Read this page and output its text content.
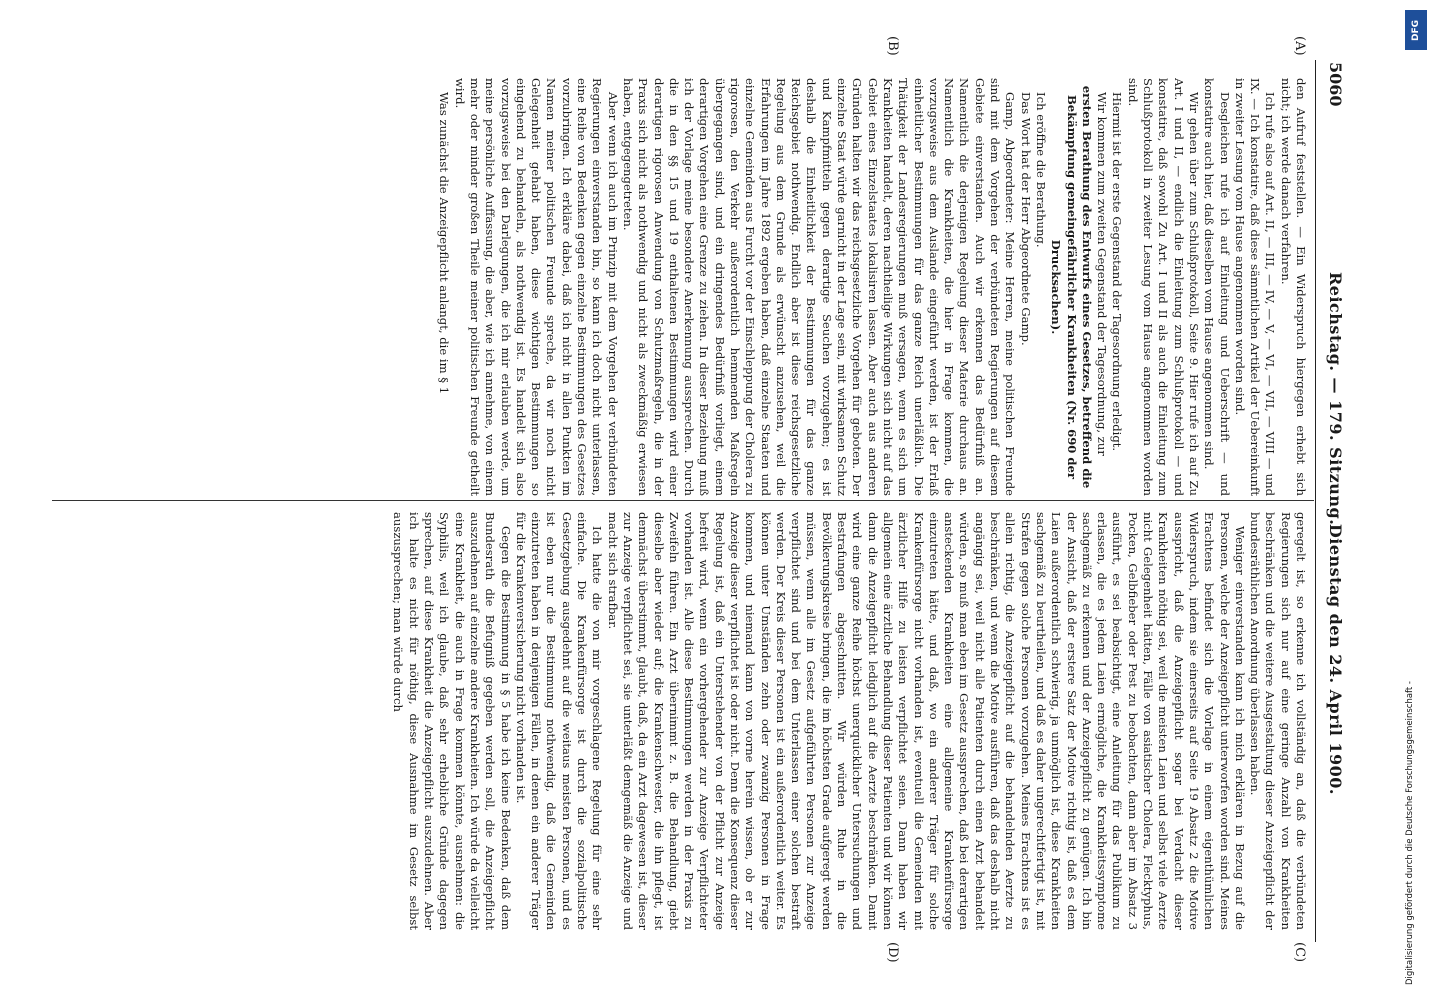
5060
Reichstag. — 179. Sitzung.
Dienstag den 24. April 1900.
(A)
(B)
(C)
(D)

den Aufruf feststellen. — Ein Widerspruch hiergegen erhebt sich nicht; ich werde danach verfahren.

Ich rufe also auf Art. II, — III, — IV, — V, — VI, — VII, — VIII — und IX. — Ich konstatire, daß diese sämmtlichen Artikel der Uebereinkunft in zweiter Lesung vom Hause angenommen worden sind.

Desgleichen rufe ich auf Einleitung und Ueberschrift — und konstatire auch hier, daß dieselben vom Hause angenommen sind.

Wir gehen über zum Schlußprotokoll, Seite 9. Hier rufe ich auf Zu Art. I und II, — endlich die Einleitung zum Schlußprotokoll — und konstatire, daß sowohl Zu Art. I und II als auch die Einleitung zum Schlußprotokoll in zweiter Lesung vom Hause angenommen worden sind.

Hiermit ist der erste Gegenstand der Tagesordnung erledigt.

Wir kommen zum zweiten Gegenstand der Tagesordnung, zur

ersten Berathung des Entwurfs eines Gesetzes, betreffend die Bekämpfung gemeingefährlicher Krankheiten (Nr. 690 der Drucksachen).

Ich eröffne die Berathung.

Das Wort hat der Herr Abgeordnete Gamp.

Gamp, Abgeordneter: Meine Herren, meine politischen Freunde sind mit dem Vorgehen der verbündeten Regierungen auf diesem Gebiete einverstanden. Auch wir erkennen das Bedürfniß an. Namentlich die derjenigen Regelung dieser Materie durchaus an. Namentlich die Krankheiten, die hier in Frage kommen, die vorzugsweise aus dem Auslande eingeführt werden, ist der Erlaß einheitlicher Bestimmungen für das ganze Reich unerläßlich. Die Thätigkeit der Landesregierungen muß versagen, wenn es sich um Krankheiten handelt, deren nachtheilige Wirkungen sich nicht auf das Gebiet eines Einzelstaates lokalisiren lassen. Aber auch aus anderen Gründen halten wir das reichsgesetzliche Vorgehen für geboten. Der einzelne Staat würde garnicht in der Lage sein, mit wirksamen Schutz und Kampfmitteln gegen derartige Seuchen vorzugehen; es ist deshalb die Einheitlichkeit der Bestimmungen für das ganze Reichsgebiet nothwendig. Endlich aber ist diese reichsgesetzliche Regelung aus dem Grunde als erwünscht anzusehen, weil die Erfahrungen im Jahre 1892 ergeben haben, daß einzelne Staaten und einzelne Gemeinden aus Furcht vor der Einschleppung der Cholera zu rigorosen, den Verkehr außerordentlich hemmenden Maßregeln übergegangen sind, und ein dringendes Bedürfniß vorliegt, einem derartigen Vorgehen eine Grenze zu ziehen. In dieser Beziehung muß ich der Vorlage meine besondere Anerkennung aussprechen. Durch die in den §§ 15 und 19 enthaltenen Bestimmungen wird einer derartigen rigorosen Anwendung von Schutzmaßregeln, die in der Praxis sich nicht als nothwendig und nicht als zweckmäßig erwiesen haben, entgegengetreten.

Aber wenn ich auch im Prinzip mit dem Vorgehen der verbündeten Regierungen einverstanden bin, so kann ich doch nicht unterlassen, eine Reihe von Bedenken gegen einzelne Bestimmungen des Gesetzes vorzubringen. Ich erkläre dabei, daß ich nicht in allen Punkten im Namen meiner politischen Freunde spreche, da wir noch nicht Gelegenheit gehabt haben, diese wichtigen Bestimmungen so eingehend zu behandeln, als nothwendig ist. Es handelt sich also vorzugsweise bei den Darlegungen, die ich mir erlauben werde, um meine persönliche Auffassung, die aber, wie ich annehme, von einem mehr oder minder großen Theile meiner politischen Freunde getheilt wird.

Was zunächst die Anzeigepflicht anlangt, die im § 1

geregelt ist, so erkenne ich vollständig an, daß die verbündeten Regierungen sich nur auf eine geringe Anzahl von Krankheiten beschränken und die weitere Ausgestaltung dieser Anzeigepflicht der bundesräthlichen Anordnung überlassen haben.

Weniger einverstanden kann ich mich erklären in Bezug auf die Personen, welche der Anzeigepflicht unterworfen worden sind. Meines Erachtens befindet sich die Vorlage in einem eigenthümlichen Widerspruch, indem sie einerseits auf Seite 19 Absatz 2 die Motive ausspricht, daß die Anzeigepflicht sogar bei Verdacht dieser Krankheiten nöthig sei, weil die meisten Laien und selbst viele Aerzte nicht Gelegenheit hätten, Fälle von asiatischer Cholera, Flecktyphus, Pocken, Gelbfieber oder Pest zu beobachten, dann aber im Absatz 3 ausführt, es sei beabsichtigt, eine Anleitung für das Publikum zu erlassen, die es jedem Laien ermögliche, die Krankheitssymptome sachgemäß zu erkennen und der Anzeigepflicht zu genügen. Ich bin der Ansicht, daß der erstere Satz der Motive richtig ist, daß es dem Laien außerordentlich schwierig, ja unmöglich ist, diese Krankheiten sachgemäß zu beurtheilen, und daß es daher ungerechtfertigt ist, mit Strafen gegen solche Personen vorzugehen. Meines Erachtens ist es allein richtig, die Anzeigepflicht auf die behandelnden Aerzte zu beschränken, und wenn die Motive ausführen, daß das deshalb nicht angängig sei, weil nicht alle Patienten durch einen Arzt behandelt würden, so muß man eben im Gesetz aussprechen, daß bei derartigen ansteckenden Krankheiten eine allgemeine Krankenfürsorge einzutreten hätte, und daß, wo ein anderer Träger für solche Krankenfürsorge nicht vorhanden ist, eventuell die Gemeinden mit ärztlicher Hilfe zu leisten verpflichtet seien. Dann haben wir allgemein eine ärztliche Behandlung dieser Patienten und wir können dann die Anzeigepflicht lediglich auf die Aerzte beschränken. Damit wird eine ganze Reihe höchst unerquicklicher Untersuchungen und Bestrafungen abgeschnitten. Wir würden Ruhe in die Bevölkerungskreise bringen, die im höchsten Grade aufgeregt werden müssen, wenn alle im Gesetz aufgeführten Personen zur Anzeige verpflichtet sind und bei dem Unterlassen einer solchen bestraft werden. Der Kreis dieser Personen ist ein außerordentlich weiter. Es können unter Umständen zehn oder zwanzig Personen in Frage kommen, und niemand kann von vorne herein wissen, ob er zur Anzeige dieser verpflichtet ist oder nicht. Denn die Konsequenz dieser Regelung ist, daß ein Unterstehender von der Pflicht zur Anzeige befreit wird, wenn ein vorhergehender zur Anzeige Verpflichteter vorhanden ist. Alle diese Bestimmungen werden in der Praxis zu Zweifeln führen. Ein Arzt übernimmt z. B. die Behandlung, giebt dieselbe aber wieder auf; die Krankenschwester, die ihn pflegt, ist demnächst überstimmt, glaubt, daß, da ein Arzt dagewesen ist, dieser zur Anzeige verpflichtet sei, sie unterläßt demgemäß die Anzeige und macht sich strafbar.

Ich hatte die von mir vorgeschlagene Regelung für eine sehr einfache. Die Krankenfürsorge ist durch die sozialpolitische Gesetzgebung ausgedehnt auf die weitaus meisten Personen, und es ist eben nur die Bestimmung nothwendig, daß die Gemeinden einzutreten haben in denjenigen Fällen, in denen ein anderer Träger für die Krankenversicherung nicht vorhanden ist.

Gegen die Bestimmung in § 5 habe ich keine Bedenken, daß dem Bundesrath die Befugniß gegeben werden soll, die Anzeigepflicht auszudehnen auf einzelne andere Krankheiten. Ich würde da vielleicht eine Krankheit, die auch in Frage kommen könnte, ausnehmen: die Syphilis, weil ich glaube, daß sehr erhebliche Gründe dagegen sprechen, auf diese Krankheit die Anzeigepflicht auszudehnen. Aber ich halte es nicht für nöthig, diese Ausnahme im Gesetz selbst auszusprechen; man würde durch

DFG
Digitalisierung gefördert durch die Deutsche Forschungsgemeinschaft -
